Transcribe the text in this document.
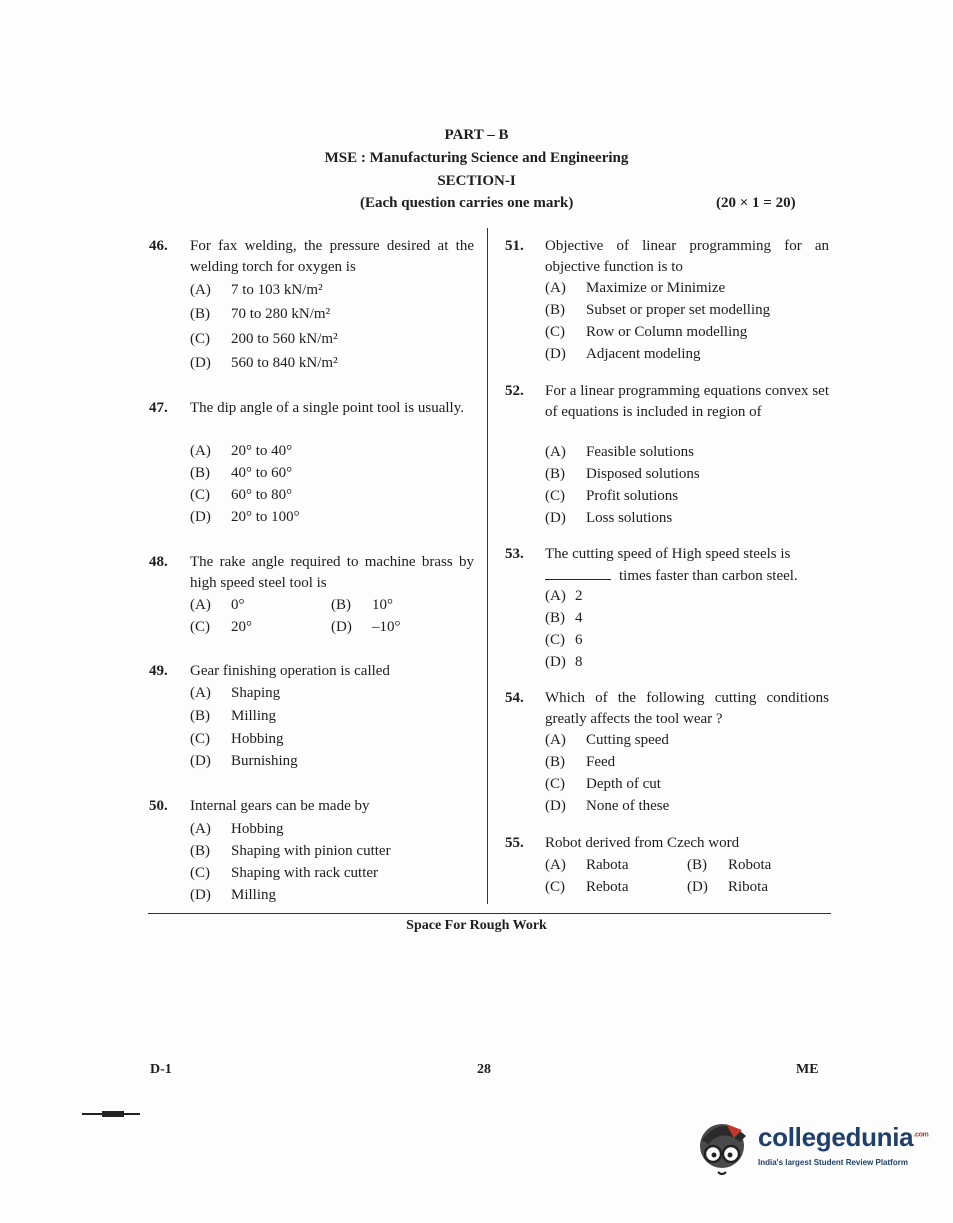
PART – B
MSE : Manufacturing Science and Engineering
SECTION-I
(Each question carries one mark)	(20 × 1 = 20)
46. For fax welding, the pressure desired at the welding torch for oxygen is
(A) 7 to 103 kN/m²
(B) 70 to 280 kN/m²
(C) 200 to 560 kN/m²
(D) 560 to 840 kN/m²
47. The dip angle of a single point tool is usually.
(A) 20° to 40°
(B) 40° to 60°
(C) 60° to 80°
(D) 20° to 100°
48. The rake angle required to machine brass by high speed steel tool is
(A) 0°	(B) 10°
(C) 20°	(D) –10°
49. Gear finishing operation is called
(A) Shaping
(B) Milling
(C) Hobbing
(D) Burnishing
50. Internal gears can be made by
(A) Hobbing
(B) Shaping with pinion cutter
(C) Shaping with rack cutter
(D) Milling
51. Objective of linear programming for an objective function is to
(A) Maximize or Minimize
(B) Subset or proper set modelling
(C) Row or Column modelling
(D) Adjacent modeling
52. For a linear programming equations convex set of equations is included in region of
(A) Feasible solutions
(B) Disposed solutions
(C) Profit solutions
(D) Loss solutions
53. The cutting speed of High speed steels is
times faster than carbon steel.
(A) 2
(B) 4
(C) 6
(D) 8
54. Which of the following cutting conditions greatly affects the tool wear ?
(A) Cutting speed
(B) Feed
(C) Depth of cut
(D) None of these
55. Robot derived from Czech word
(A) Rabota	(B) Robota
(C) Rebota	(D) Ribota
Space For Rough Work
D-1	28	ME
collegedunia$^{.com}$
India's largest Student Review Platform
